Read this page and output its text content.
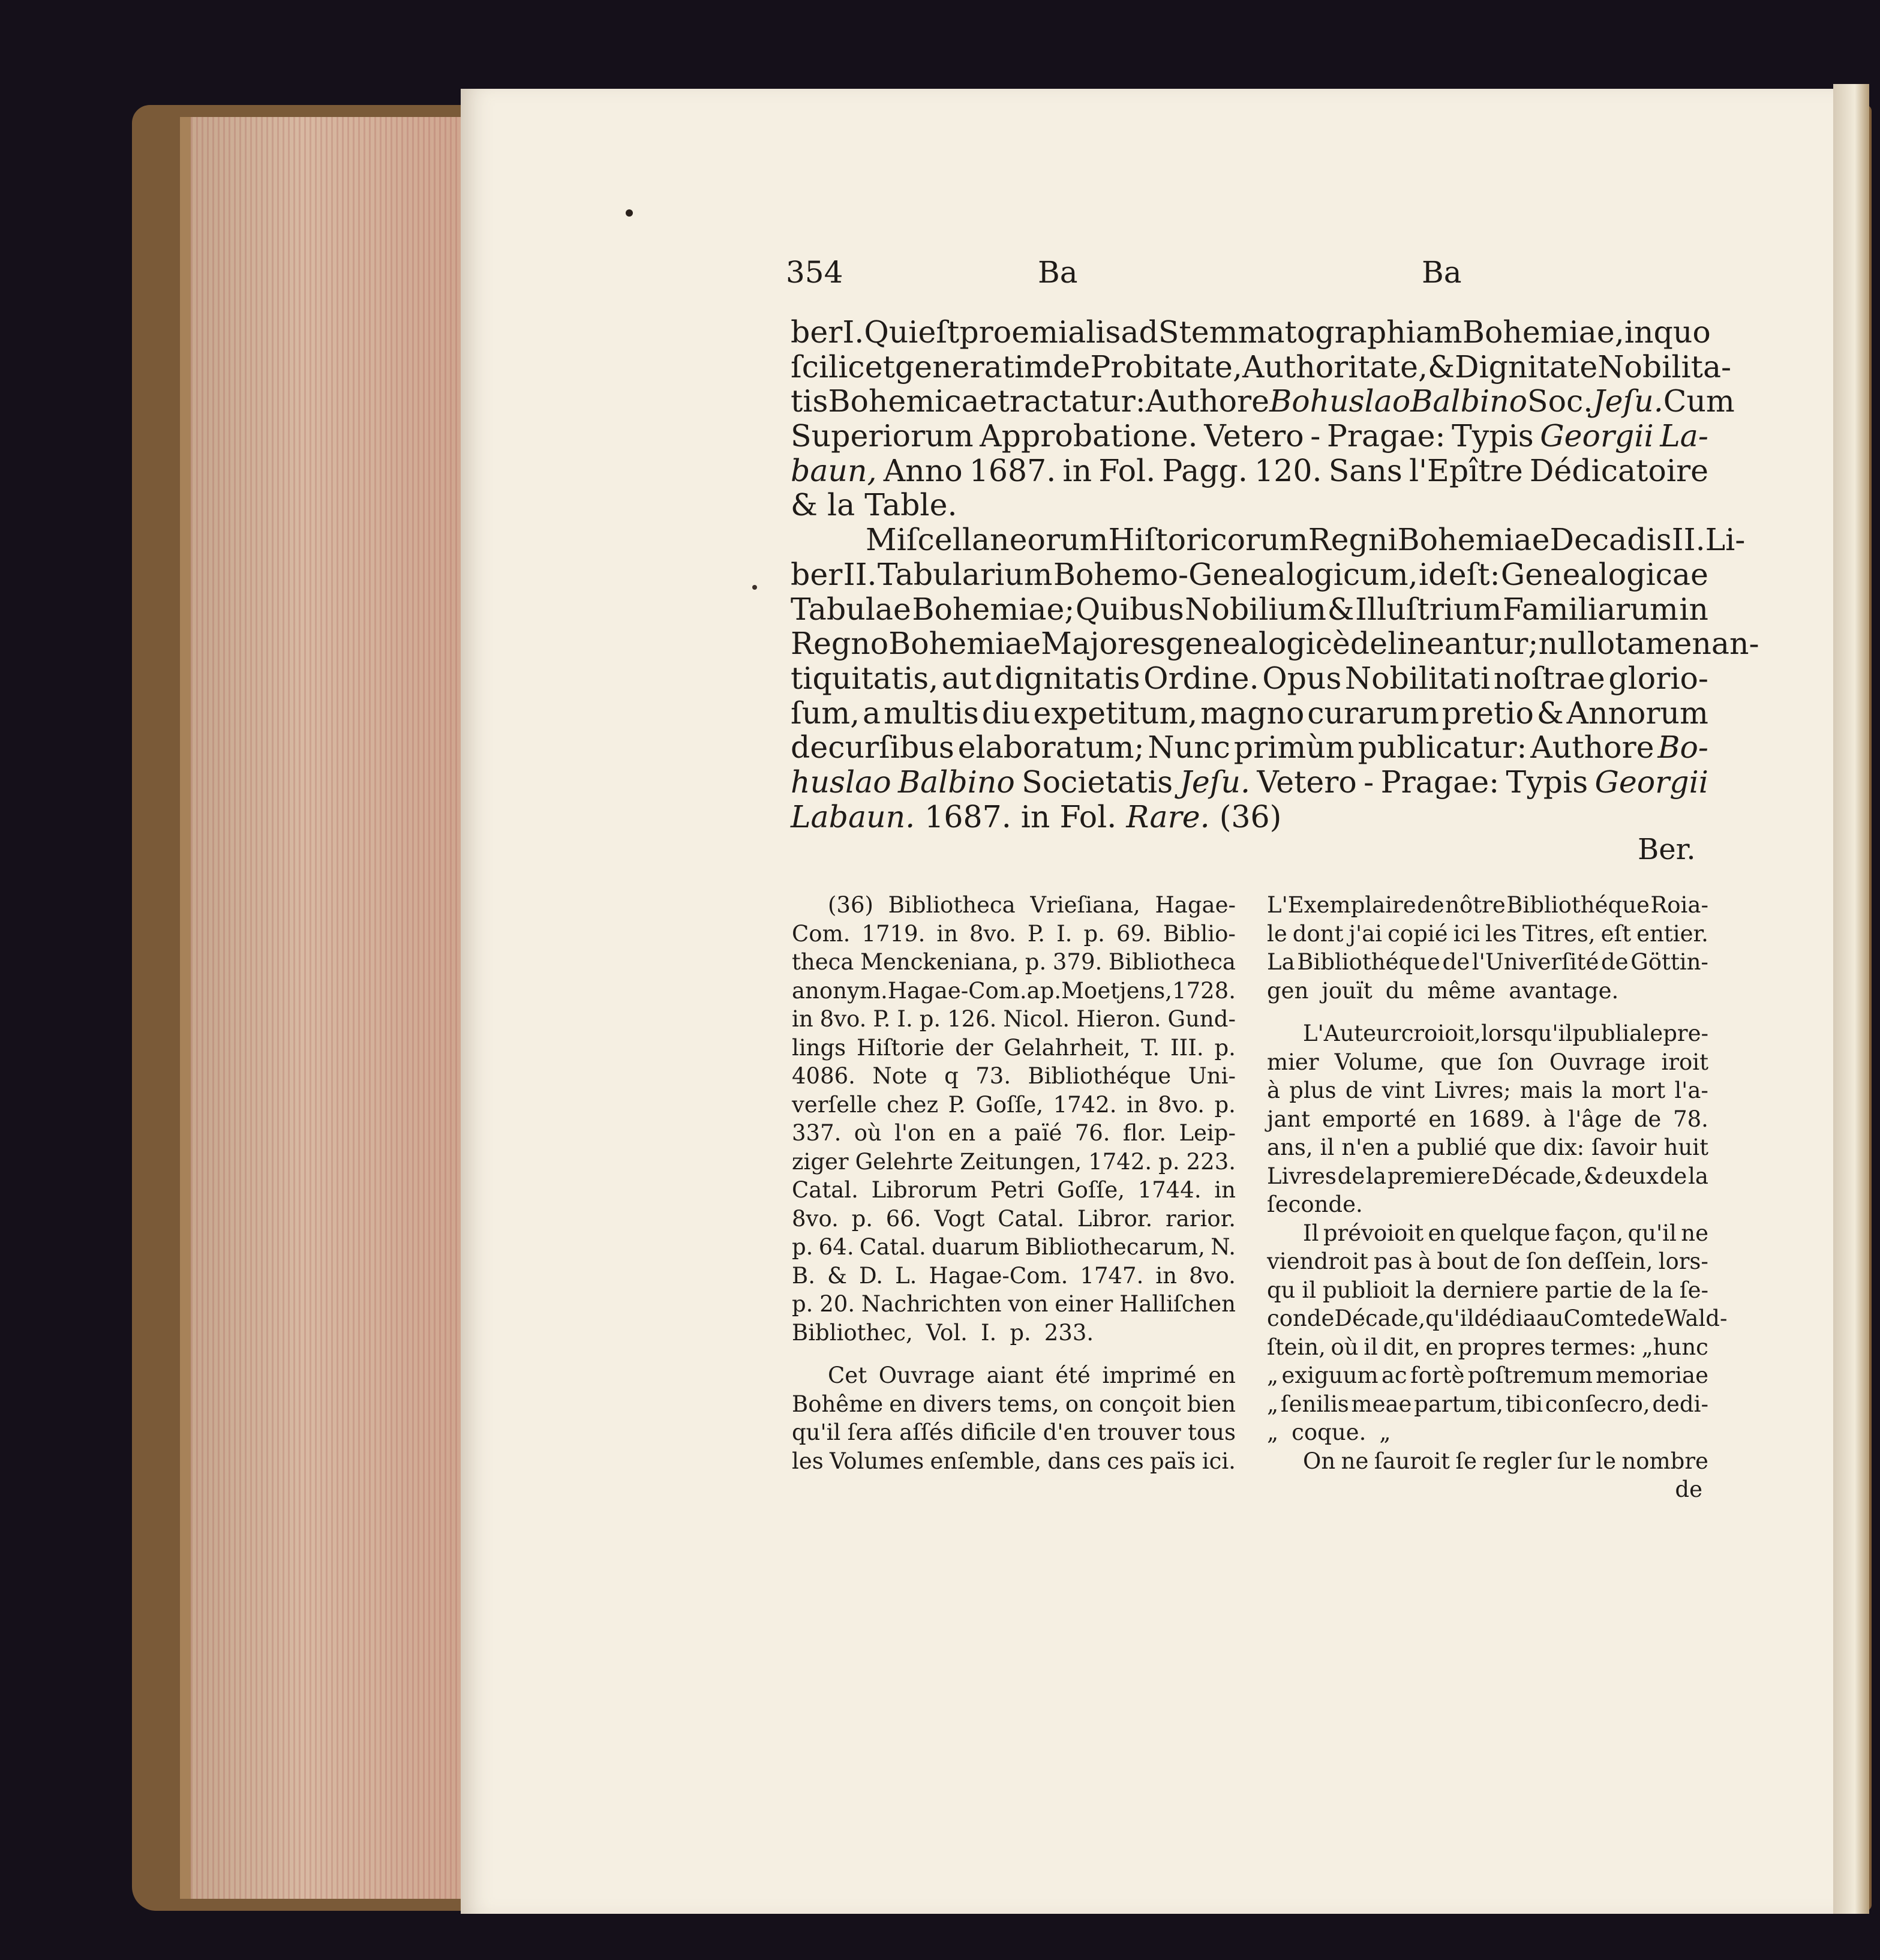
354	Ba	Ba
ber I. Qui eſt proemialis ad Stemmatographiam Bohemiae, in quo
ſcilicet generatim de Probitate, Authoritate, & Dignitate Nobilita-
tis Bohemicae tractatur: Authore Bohuslao Balbino Soc. Jeſu. Cum
Superiorum Approbatione. Vetero - Pragae: Typis Georgii La-
baun, Anno 1687. in Fol. Pagg. 120. Sans l'Epître Dédicatoire
& la Table.
Miſcellaneorum Hiſtoricorum Regni Bohemiae Decadis II. Li-
ber II. Tabularium Bohemo-Genealogicum, id eſt: Genealogicae
Tabulae Bohemiae; Quibus Nobilium & Illuſtrium Familiarum in
Regno Bohemiae Majores genealogicè delineantur; nullo tamen an-
tiquitatis, aut dignitatis Ordine. Opus Nobilitati noſtrae glorio-
ſum, a multis diu expetitum, magno curarum pretio & Annorum
decurſibus elaboratum; Nunc primùm publicatur: Authore Bo-
huslao Balbino Societatis Jeſu. Vetero - Pragae: Typis Georgii
Labaun. 1687. in Fol. Rare. (36)
Ber.
(36) Bibliotheca Vrieſiana, Hagae-
Com. 1719. in 8vo. P. I. p. 69. Biblio-
theca Menckeniana, p. 379. Bibliotheca
anonym. Hagae-Com. ap. Moetjens, 1728.
in 8vo. P. I. p. 126. Nicol. Hieron. Gund-
lings Hiſtorie der Gelahrheit, T. III. p.
4086. Note q 73. Bibliothéque Uni-
verſelle chez P. Goſſe, 1742. in 8vo. p.
337. où l'on en a païé 76. flor. Leip-
ziger Gelehrte Zeitungen, 1742. p. 223.
Catal. Librorum Petri Goſſe, 1744. in
8vo. p. 66. Vogt Catal. Libror. rarior.
p. 64. Catal. duarum Bibliothecarum, N.
B. & D. L. Hagae-Com. 1747. in 8vo.
p. 20. Nachrichten von einer Halliſchen
Bibliothec, Vol. I. p. 233.
Cet Ouvrage aiant été imprimé en
Bohême en divers tems, on conçoit bien
qu'il ſera aſſés dificile d'en trouver tous
les Volumes enſemble, dans ces païs ici.
L'Exemplaire de nôtre Bibliothéque Roia-
le dont j'ai copié ici les Titres, eſt entier.
La Bibliothéque de l'Univerſité de Göttin-
gen jouït du même avantage.
L'Auteur croioit, lorsqu'il publia le pre-
mier Volume, que ſon Ouvrage iroit
à plus de vint Livres; mais la mort l'a-
jant emporté en 1689. à l'âge de 78.
ans, il n'en a publié que dix: ſavoir huit
Livres de la premiere Décade, & deux de la
ſeconde.
Il prévoioit en quelque façon, qu'il ne
viendroit pas à bout de ſon deſſein, lors-
qu il publioit la derniere partie de la ſe-
conde Décade, qu'il dédia au Comte de Wald-
ſtein, où il dit, en propres termes: „hunc
„ exiguum ac fortè poſtremum memoriae
„ ſenilis meae partum, tibi conſecro, dedi-
„ coque. „
On ne ſauroit ſe regler ſur le nombre
de
